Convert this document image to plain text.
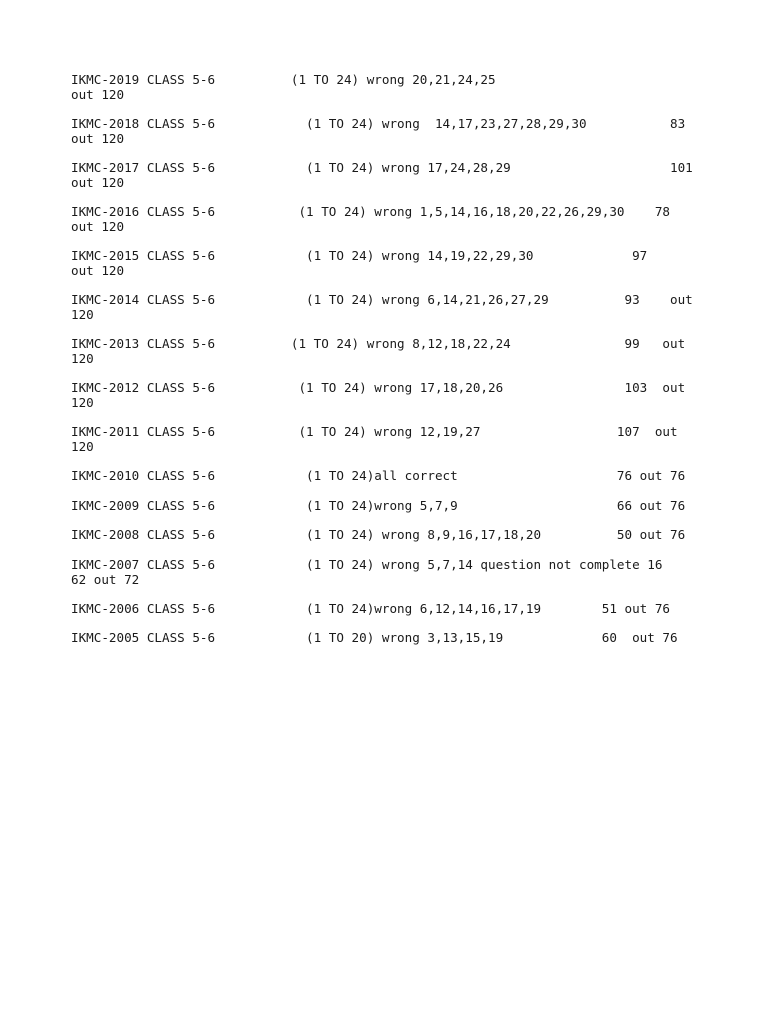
IKMC-2019 CLASS 5-6          (1 TO 24) wrong 20,21,24,25
out 120

IKMC-2018 CLASS 5-6            (1 TO 24) wrong  14,17,23,27,28,29,30           83
out 120

IKMC-2017 CLASS 5-6            (1 TO 24) wrong 17,24,28,29                     101
out 120

IKMC-2016 CLASS 5-6           (1 TO 24) wrong 1,5,14,16,18,20,22,26,29,30    78
out 120

IKMC-2015 CLASS 5-6            (1 TO 24) wrong 14,19,22,29,30             97
out 120

IKMC-2014 CLASS 5-6            (1 TO 24) wrong 6,14,21,26,27,29          93    out
120

IKMC-2013 CLASS 5-6          (1 TO 24) wrong 8,12,18,22,24               99   out
120

IKMC-2012 CLASS 5-6           (1 TO 24) wrong 17,18,20,26                103  out
120

IKMC-2011 CLASS 5-6           (1 TO 24) wrong 12,19,27                  107  out
120

IKMC-2010 CLASS 5-6            (1 TO 24)all correct                     76 out 76

IKMC-2009 CLASS 5-6            (1 TO 24)wrong 5,7,9                     66 out 76

IKMC-2008 CLASS 5-6            (1 TO 24) wrong 8,9,16,17,18,20          50 out 76

IKMC-2007 CLASS 5-6            (1 TO 24) wrong 5,7,14 question not complete 16
62 out 72

IKMC-2006 CLASS 5-6            (1 TO 24)wrong 6,12,14,16,17,19        51 out 76

IKMC-2005 CLASS 5-6            (1 TO 20) wrong 3,13,15,19             60  out 76
